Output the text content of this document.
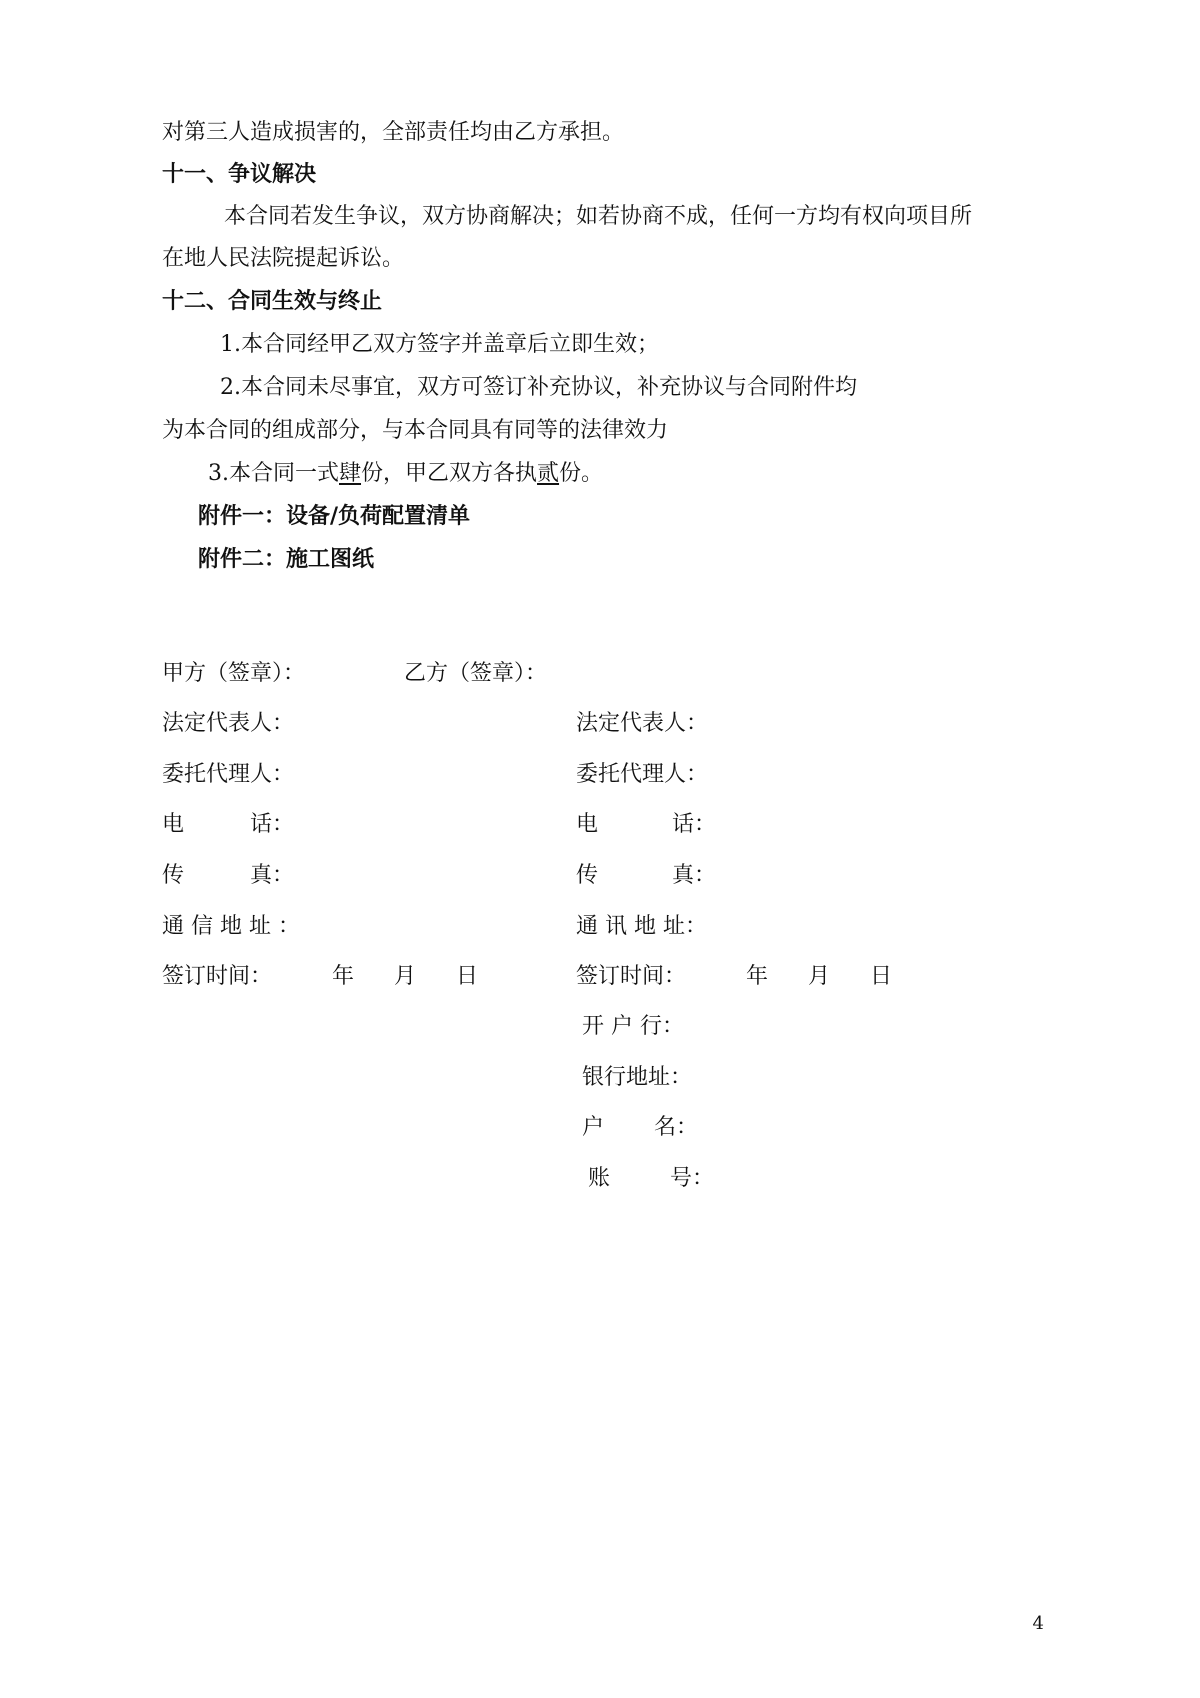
对第三人造成损害的，全部责任均由乙方承担。
十一、争议解决
本合同若发生争议，双方协商解决；如若协商不成，任何一方均有权向项目所
在地人民法院提起诉讼。
十二、合同生效与终止
1.本合同经甲乙双方签字并盖章后立即生效；
2.本合同未尽事宜，双方可签订补充协议，补充协议与合同附件均
为本合同的组成部分，与本合同具有同等的法律效力
3.本合同一式肆份，甲乙双方各执贰份。
附件一：设备/负荷配置清单
附件二：施工图纸
甲方（签章）：	乙方（签章）：
法定代表人：	法定代表人：
委托代理人：	委托代理人：
电	话：	电	话：
传	真：	传	真：
通 信 地 址 ：	通 讯 地 址：
签订时间：	年 月 日	签订时间：	年 月 日
开 户 行：
银行地址：
户 名：
账	号：
4
